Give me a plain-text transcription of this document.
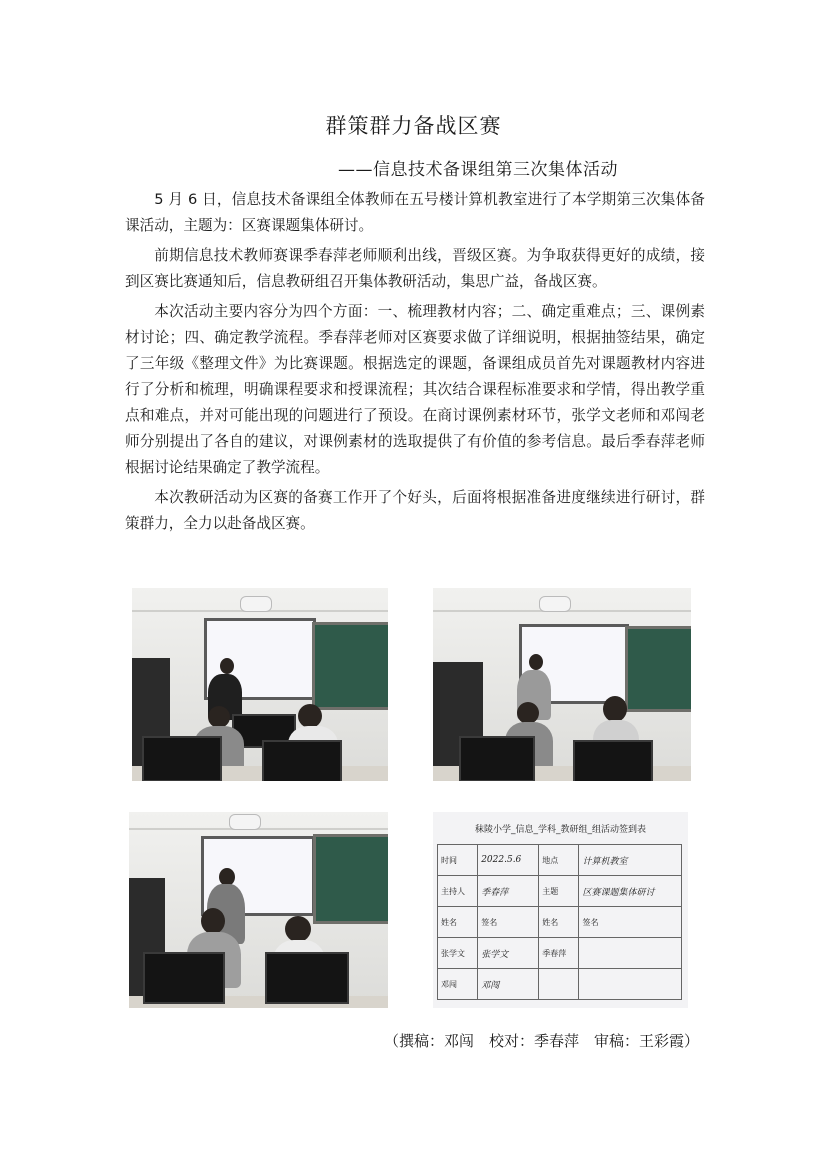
群策群力备战区赛
——信息技术备课组第三次集体活动

5 月 6 日，信息技术备课组全体教师在五号楼计算机教室进行了本学期第三次集体备课活动，主题为：区赛课题集体研讨。

前期信息技术教师赛课季春萍老师顺利出线，晋级区赛。为争取获得更好的成绩，接到区赛比赛通知后，信息教研组召开集体教研活动，集思广益，备战区赛。

本次活动主要内容分为四个方面：一、梳理教材内容；二、确定重难点；三、课例素材讨论；四、确定教学流程。季春萍老师对区赛要求做了详细说明，根据抽签结果，确定了三年级《整理文件》为比赛课题。根据选定的课题，备课组成员首先对课题教材内容进行了分析和梳理，明确课程要求和授课流程；其次结合课程标准要求和学情，得出教学重点和难点，并对可能出现的问题进行了预设。在商讨课例素材环节，张学文老师和邓闯老师分别提出了各自的建议，对课例素材的选取提供了有价值的参考信息。最后季春萍老师根据讨论结果确定了教学流程。

本次教研活动为区赛的备赛工作开了个好头，后面将根据准备进度继续进行研讨，群策群力，全力以赴备战区赛。

秣陵小学_信息_学科_教研组_组活动签到表
时间	2022.5.6	地点	计算机教室
主持人	季春萍	主题	区赛课题集体研讨
姓名	签名	姓名	签名
张学文	张学文	季春萍	
邓闯	邓闯		
（撰稿：邓闯　校对：季春萍　审稿：王彩霞）
